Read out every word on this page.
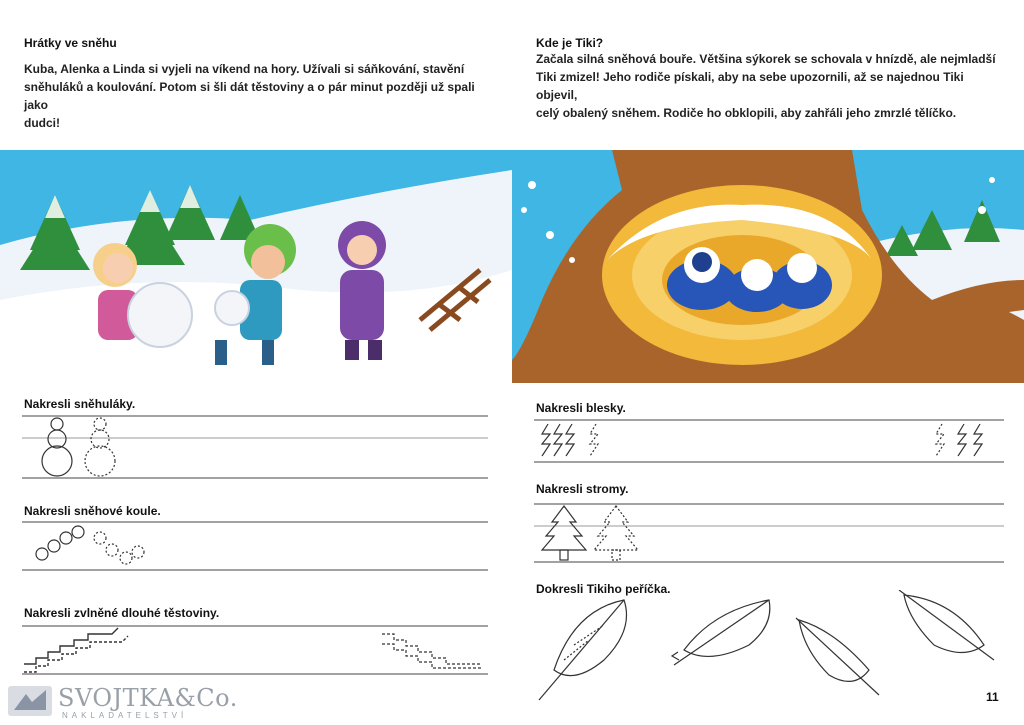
Hrátky ve sněhu
Kuba, Alenka a Linda si vyjeli na víkend na hory. Užívali si sáňkování, stavění
sněhuláků a koulování. Potom si šli dát těstoviny a o pár minut později už spali jako
dudci!
Nakresli sněhuláky.
Nakresli sněhové koule.
Nakresli zvlněné dlouhé těstoviny.
SVOJTKA&Co.
NAKLADATELSTVÍ
Kde je Tiki?
Začala silná sněhová bouře. Většina sýkorek se schovala v hnízdě, ale nejmladší
Tiki zmizel! Jeho rodiče pískali, aby na sebe upozornili, až se najednou Tiki objevil,
celý obalený sněhem. Rodiče ho obklopili, aby zahřáli jeho zmrzlé tělíčko.
Nakresli blesky.
Nakresli stromy.
Dokresli Tikiho peříčka.
11
